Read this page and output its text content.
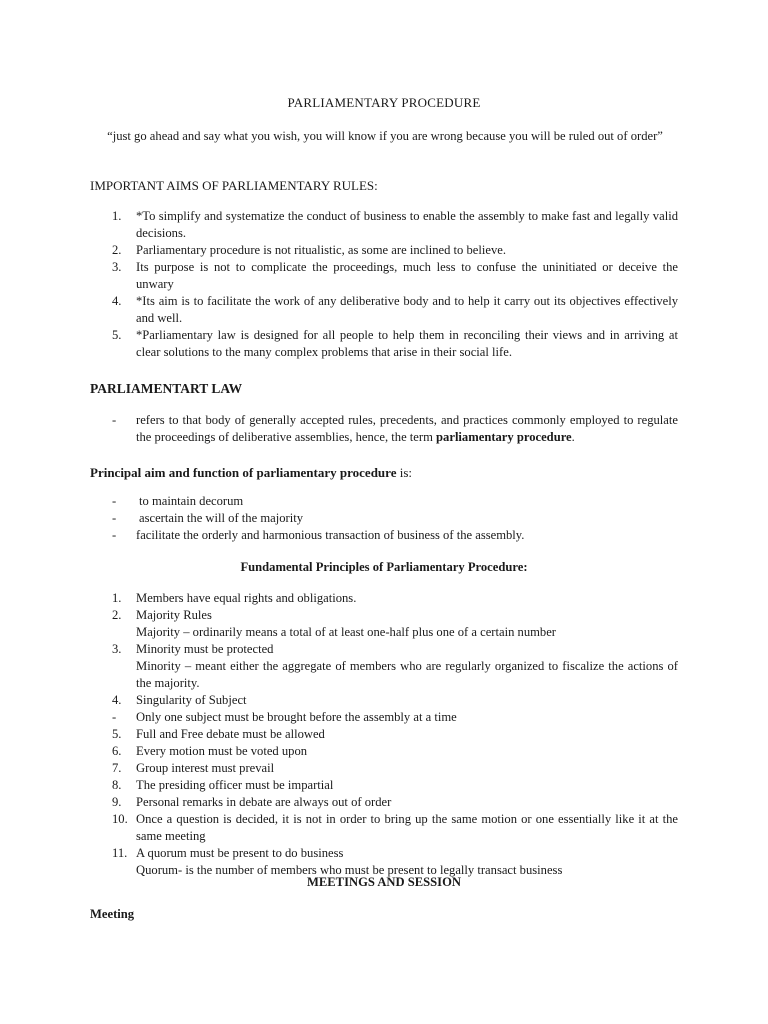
PARLIAMENTARY PROCEDURE
“just go ahead and say what you wish, you will know if you are wrong because you will be ruled out of order”
IMPORTANT AIMS OF PARLIAMENTARY RULES:
1.	*To simplify and systematize the conduct of business to enable the assembly to make fast and legally valid decisions.
2.	Parliamentary procedure is not ritualistic, as some are inclined to believe.
3.	Its purpose is not to complicate the proceedings, much less to confuse the uninitiated or deceive the unwary
4.	*Its aim is to facilitate the work of any deliberative body and to help it carry out its objectives effectively and well.
5.	*Parliamentary law is designed for all people to help them in reconciling their views and in arriving at clear solutions to the many complex problems that arise in their social life.
PARLIAMENTART LAW
- refers to that body of generally accepted rules, precedents, and practices commonly employed to regulate the proceedings of deliberative assemblies, hence, the term parliamentary procedure.
Principal aim and function of parliamentary procedure is:
- to maintain decorum
- ascertain the will of the majority
- facilitate the orderly and harmonious transaction of business of the assembly.
Fundamental Principles of Parliamentary Procedure:
1.	Members have equal rights and obligations.
2.	Majority Rules
Majority – ordinarily means a total of at least one-half plus one of a certain number
3.	Minority must be protected
Minority – meant either the aggregate of members who are regularly organized to fiscalize the actions of the majority.
4.	Singularity of Subject
-	Only one subject must be brought before the assembly at a time
5.	Full and Free debate must be allowed
6.	Every motion must be voted upon
7.	Group interest must prevail
8.	The presiding officer must be impartial
9.	Personal remarks in debate are always out of order
10. Once a question is decided, it is not in order to bring up the same motion or one essentially like it at the same meeting
11. A quorum must be present to do business
Quorum- is the number of members who must be present to legally transact business
MEETINGS AND SESSION
Meeting
